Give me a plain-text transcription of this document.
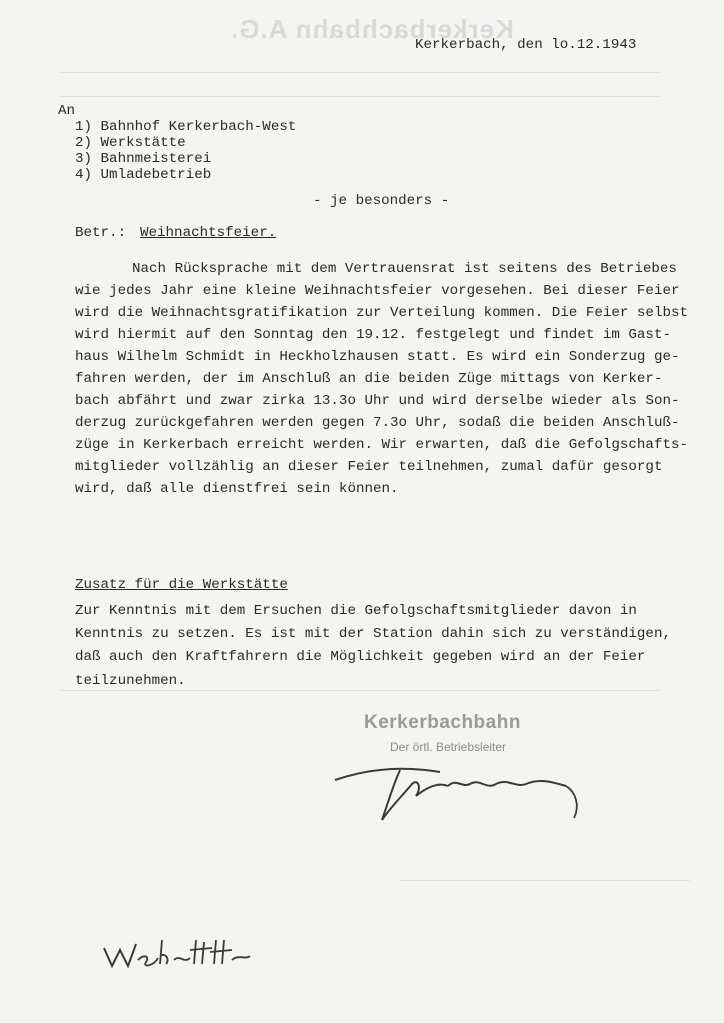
Kerkerbachbahn A.G.
Kerkerbach, den lo.12.1943
An
1) Bahnhof Kerkerbach-West
2) Werkstätte
3) Bahnmeisterei
4) Umladebetrieb
- je besonders -
Betr.: Weihnachtsfeier.
Nach Rücksprache mit dem Vertrauensrat ist seitens des Betriebes
wie jedes Jahr eine kleine Weihnachtsfeier vorgesehen. Bei dieser Feier
wird die Weihnachtsgratifikation zur Verteilung kommen. Die Feier selbst
wird hiermit auf den Sonntag den 19.12. festgelegt und findet im Gast-
haus Wilhelm Schmidt in Heckholzhausen statt. Es wird ein Sonderzug ge-
fahren werden, der im Anschluß an die beiden Züge mittags von Kerker-
bach abfährt und zwar zirka 13.3o Uhr und wird derselbe wieder als Son-
derzug zurückgefahren werden gegen 7.3o Uhr, sodaß die beiden Anschluß-
züge in Kerkerbach erreicht werden. Wir erwarten, daß die Gefolgschafts-
mitglieder vollzählig an dieser Feier teilnehmen, zumal dafür gesorgt
wird, daß alle dienstfrei sein können.
Zusatz für die Werkstätte
Zur Kenntnis mit dem Ersuchen die Gefolgschaftsmitglieder davon in
Kenntnis zu setzen. Es ist mit der Station dahin sich zu verständigen,
daß auch den Kraftfahrern die Möglichkeit gegeben wird an der Feier
teilzunehmen.
Kerkerbachbahn
Der örtl. Betriebsleiter
